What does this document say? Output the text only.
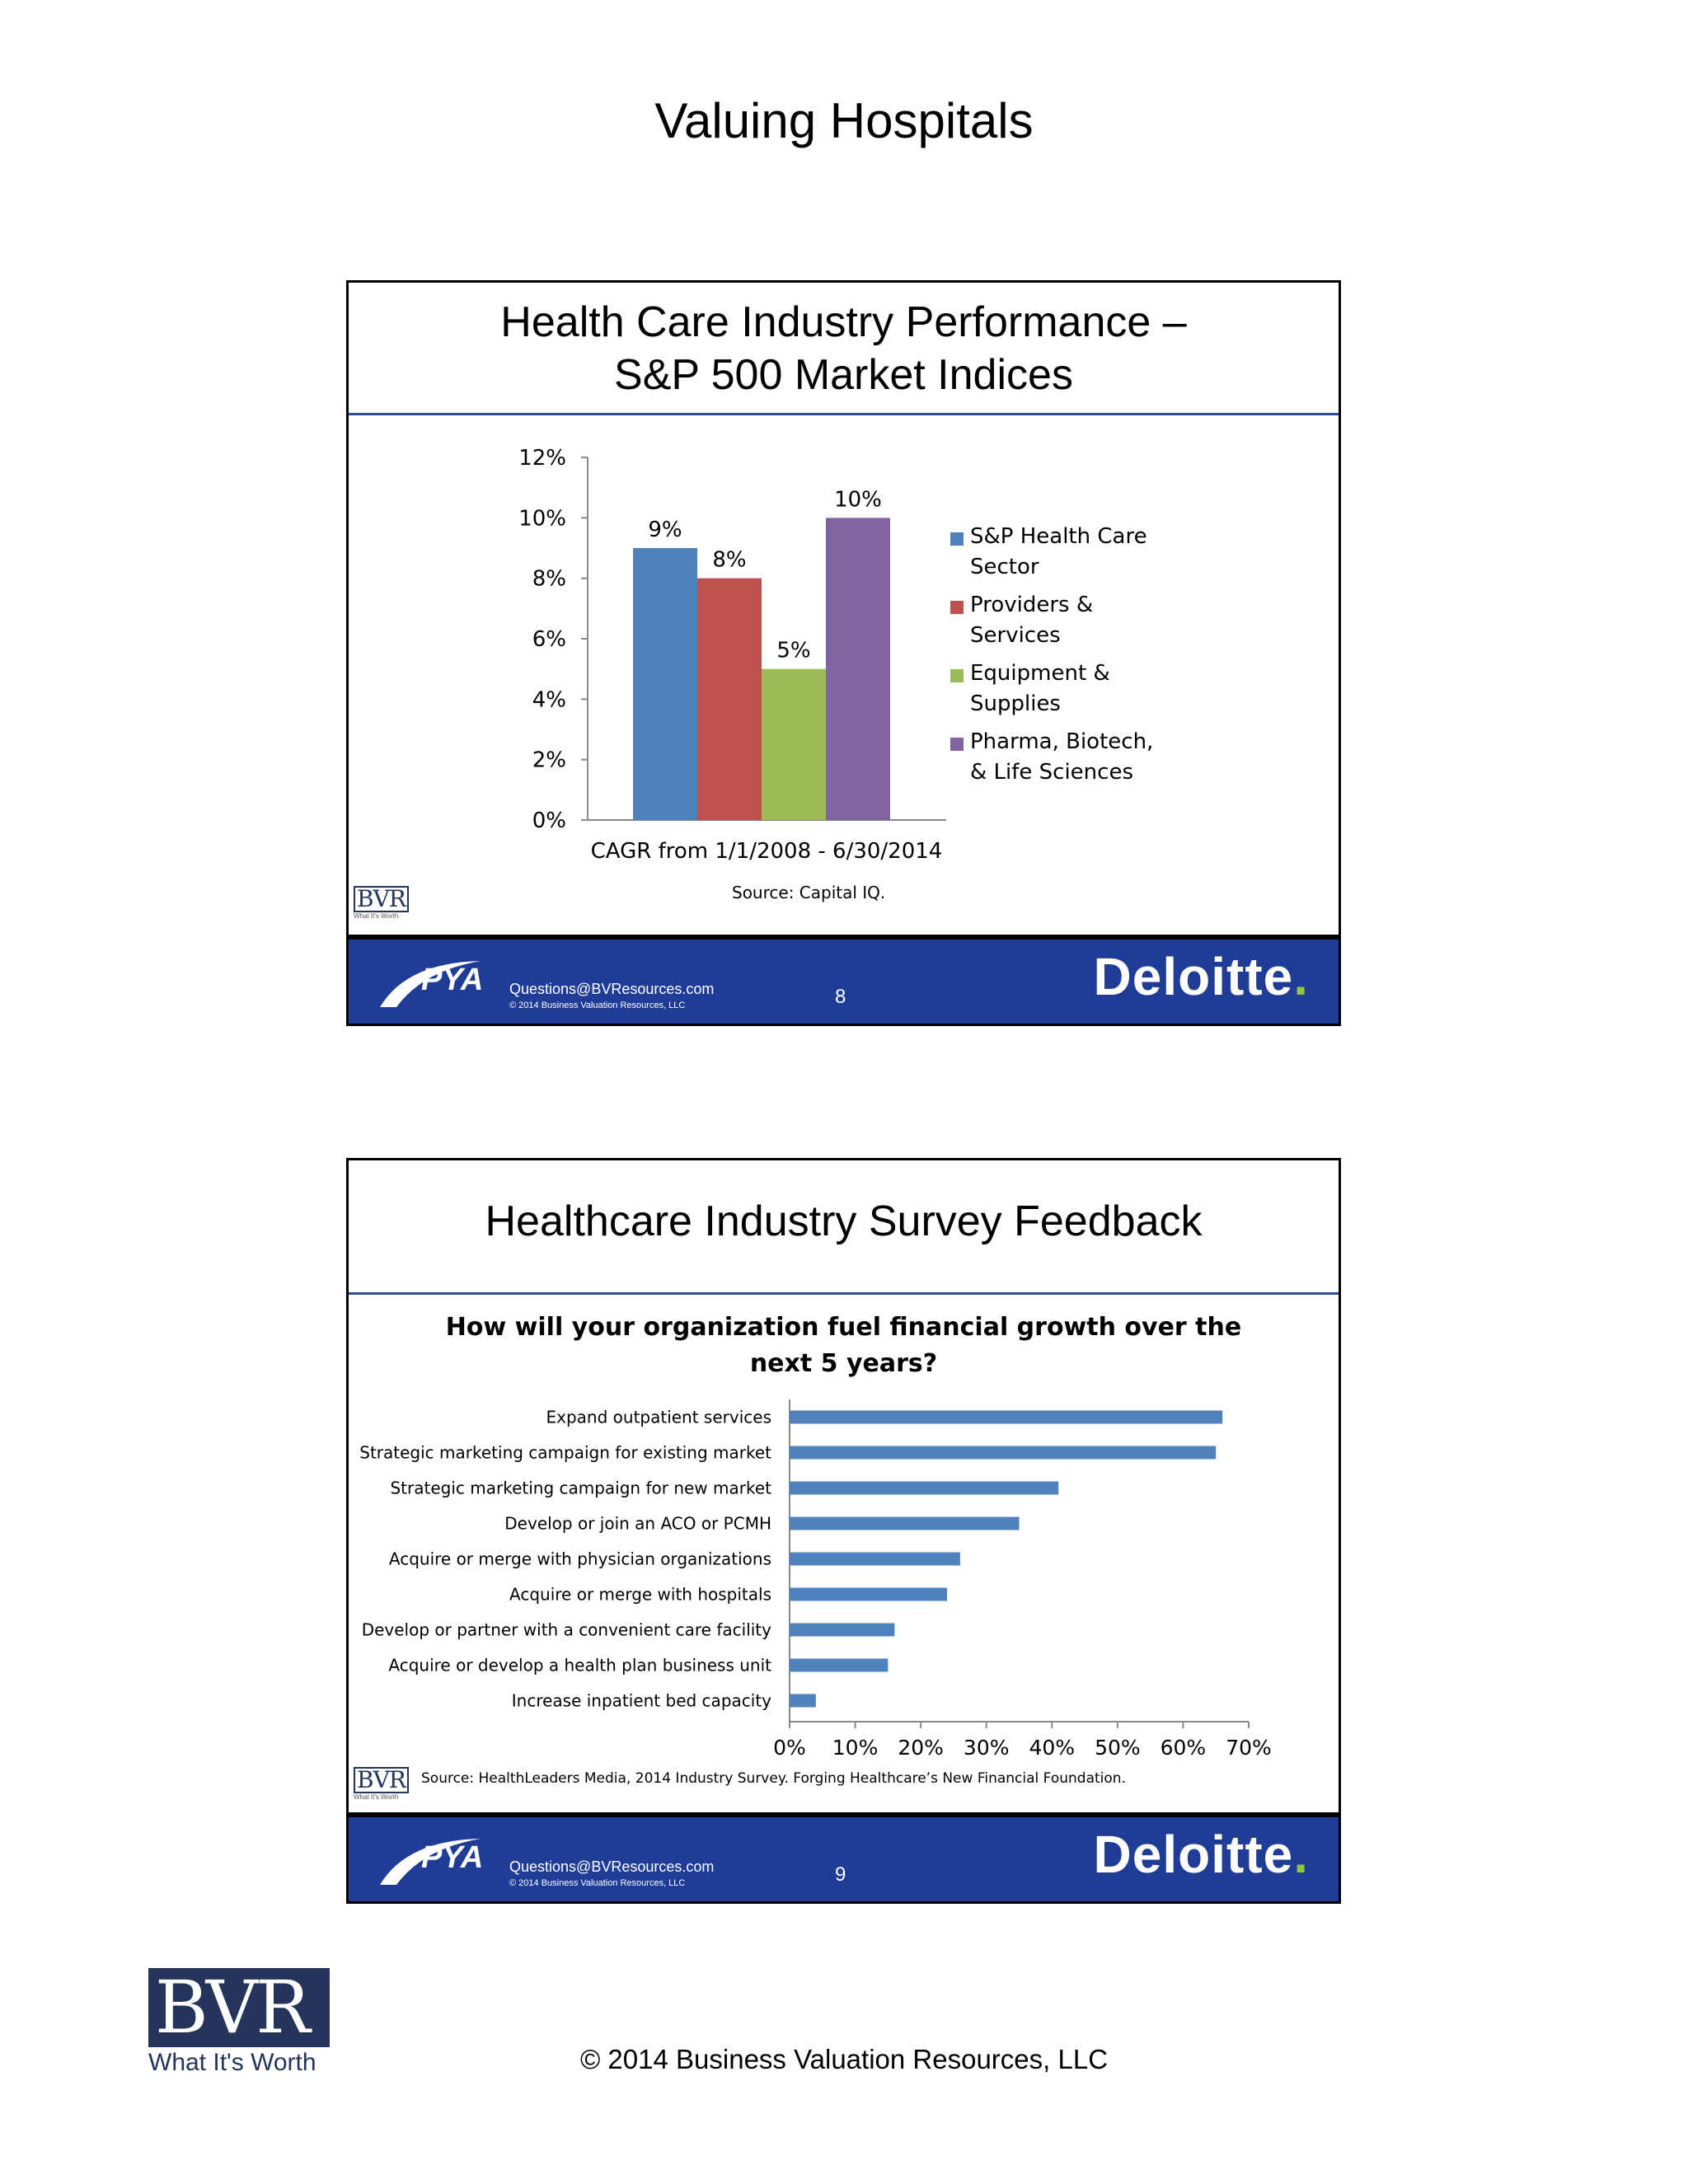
Valuing Hospitals
Health Care Industry Performance –
S&P 500 Market Indices
0%
2%
4%
6%
8%
10%
12%
9%
8%
5%
10%
CAGR from 1/1/2008 - 6/30/2014
S&P Health Care
Sector
Providers &
Services
Equipment &
Supplies
Pharma, Biotech,
& Life Sciences
Source: Capital IQ.
BVR
What It's Worth
PYA Questions@BVResources.com
© 2014 Business Valuation Resources, LLC	8	Deloitte.
Healthcare Industry Survey Feedback
How will your organization fuel financial growth over the
next 5 years?
Expand outpatient services
Strategic marketing campaign for existing market
Strategic marketing campaign for new market
Develop or join an ACO or PCMH
Acquire or merge with physician organizations
Acquire or merge with hospitals
Develop or partner with a convenient care facility
Acquire or develop a health plan business unit
Increase inpatient bed capacity
0% 10% 20% 30% 40% 50% 60% 70%
Source: HealthLeaders Media, 2014 Industry Survey. Forging Healthcare’s New Financial Foundation.
BVR
What It's Worth
PYA Questions@BVResources.com
© 2014 Business Valuation Resources, LLC	9	Deloitte.
BVR
What It's Worth	© 2014 Business Valuation Resources, LLC
